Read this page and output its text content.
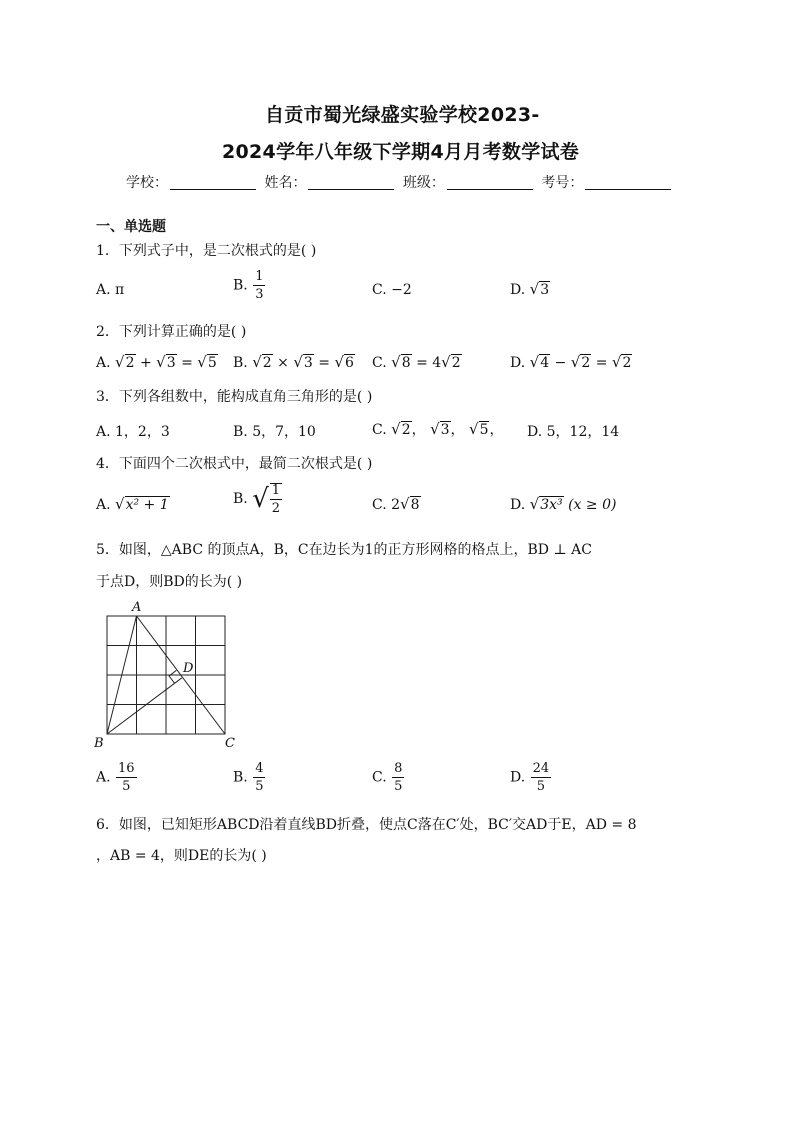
自贡市蜀光绿盛实验学校2023-
2024学年八年级下学期4月月考数学试卷
学校：	姓名：	班级：	考号：
一、单选题
1．下列式子中，是二次根式的是( )
A. π	B. $\frac{1}{3}$	C. −2	D. √3
2．下列计算正确的是( )
A. √2 + √3 = √5 B. √2 × √3 = √6 C. √8 = 4√2	D. √4 − √2 = √2
3．下列各组数中，能构成直角三角形的是( )
A. 1，2，3	B. 5，7，10	C. √2， √3， √5， D. 5，12，14
4．下面四个二次根式中，最简二次根式是( )
A. √x² + 1	B. √ $\frac{1}{2}$	C. 2√8	D. √3x³ (x ≥ 0)
5．如图，△ABC 的顶点A，B，C在边长为1的正方形网格的格点上，BD ⊥ AC
于点D，则BD的长为( )
A
B	C
D
A. $\frac{16}{5}$	B. $\frac{4}{5}$	C. $\frac{8}{5}$	D. $\frac{24}{5}$
6．如图，已知矩形ABCD沿着直线BD折叠，使点C落在C′处，BC′交AD于E，AD = 8
，AB = 4，则DE的长为( )
